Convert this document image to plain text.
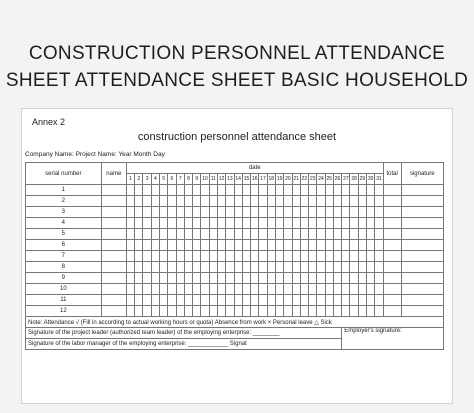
CONSTRUCTION PERSONNEL ATTENDANCE
SHEET ATTENDANCE SHEET BASIC HOUSEHOLD
Annex 2
construction personnel attendance sheet
Company Name: Project Name: Year Month Day
serial number	name	date																															total	signature
		1	2	3	4	5	6	7	8	9	10	11	12	13	14	15	16	17	18	19	20	21	22	23	24	25	26	27	28	29	30	31		
1																																		
2																																		
3																																		
4																																		
5																																		
6																																		
7																																		
8																																		
9																																		
10																																		
11																																		
12																																		
Note: Attendance √ (Fill in according to actual working hours or quota) Absence from work × Personal leave △ Sick																																		
Signature of the project leader (authorized team leader) of the employing enterprise: ________																												Employer's signature:						
Signature of the labor manager of the employing enterprise: ____________ Signat																																		
